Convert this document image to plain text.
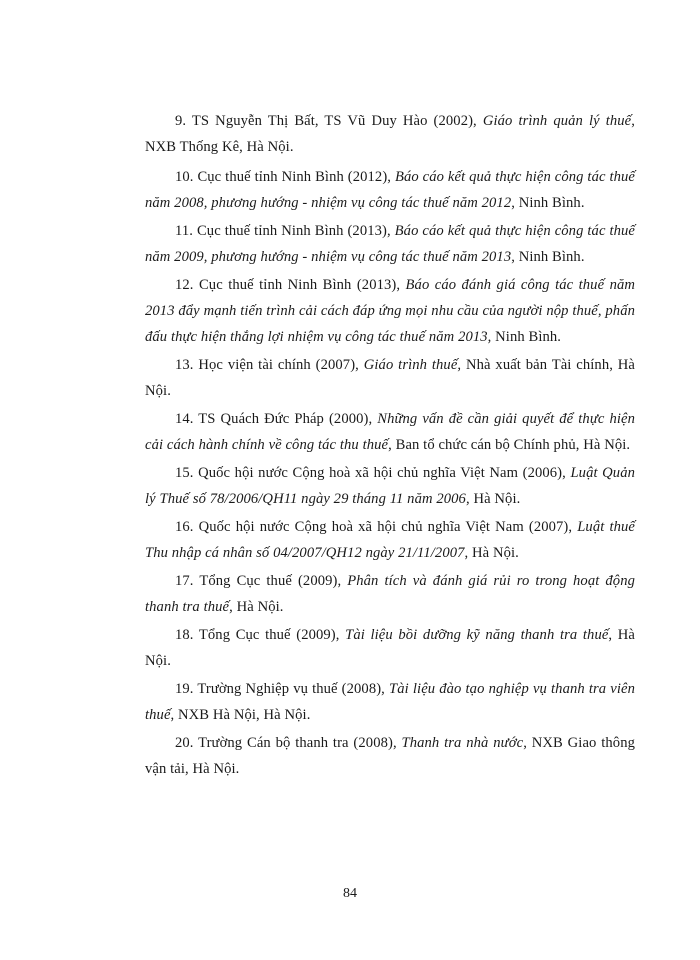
9. TS Nguyễn Thị Bất, TS Vũ Duy Hào (2002), Giáo trình quản lý thuế, NXB Thống Kê, Hà Nội.
10. Cục thuế tỉnh Ninh Bình (2012), Báo cáo kết quả thực hiện công tác thuế năm 2008, phương hướng - nhiệm vụ công tác thuế năm 2012, Ninh Bình.
11. Cục thuế tỉnh Ninh Bình (2013), Báo cáo kết quả thực hiện công tác thuế năm 2009, phương hướng - nhiệm vụ công tác thuế năm 2013, Ninh Bình.
12. Cục thuế tỉnh Ninh Bình (2013), Báo cáo đánh giá công tác thuế năm 2013 đẩy mạnh tiến trình cải cách đáp ứng mọi nhu cầu của người nộp thuế, phấn đấu thực hiện thắng lợi nhiệm vụ công tác thuế năm 2013, Ninh Bình.
13. Học viện tài chính (2007), Giáo trình thuế, Nhà xuất bản Tài chính, Hà Nội.
14. TS Quách Đức Pháp (2000), Những vấn đề cần giải quyết để thực hiện cải cách hành chính về công tác thu thuế, Ban tổ chức cán bộ Chính phủ, Hà Nội.
15. Quốc hội nước Cộng hoà xã hội chủ nghĩa Việt Nam (2006), Luật Quản lý Thuế số 78/2006/QH11 ngày 29 tháng 11 năm 2006, Hà Nội.
16. Quốc hội nước Cộng hoà xã hội chủ nghĩa Việt Nam (2007), Luật thuế Thu nhập cá nhân số 04/2007/QH12 ngày 21/11/2007, Hà Nội.
17. Tổng Cục thuế (2009), Phân tích và đánh giá rủi ro trong hoạt động thanh tra thuế, Hà Nội.
18. Tổng Cục thuế (2009), Tài liệu bồi dưỡng kỹ năng thanh tra thuế, Hà Nội.
19. Trường Nghiệp vụ thuế (2008), Tài liệu đào tạo nghiệp vụ thanh tra viên thuế, NXB Hà Nội, Hà Nội.
20. Trường Cán bộ thanh tra (2008), Thanh tra nhà nước, NXB Giao thông vận tải, Hà Nội.
84
